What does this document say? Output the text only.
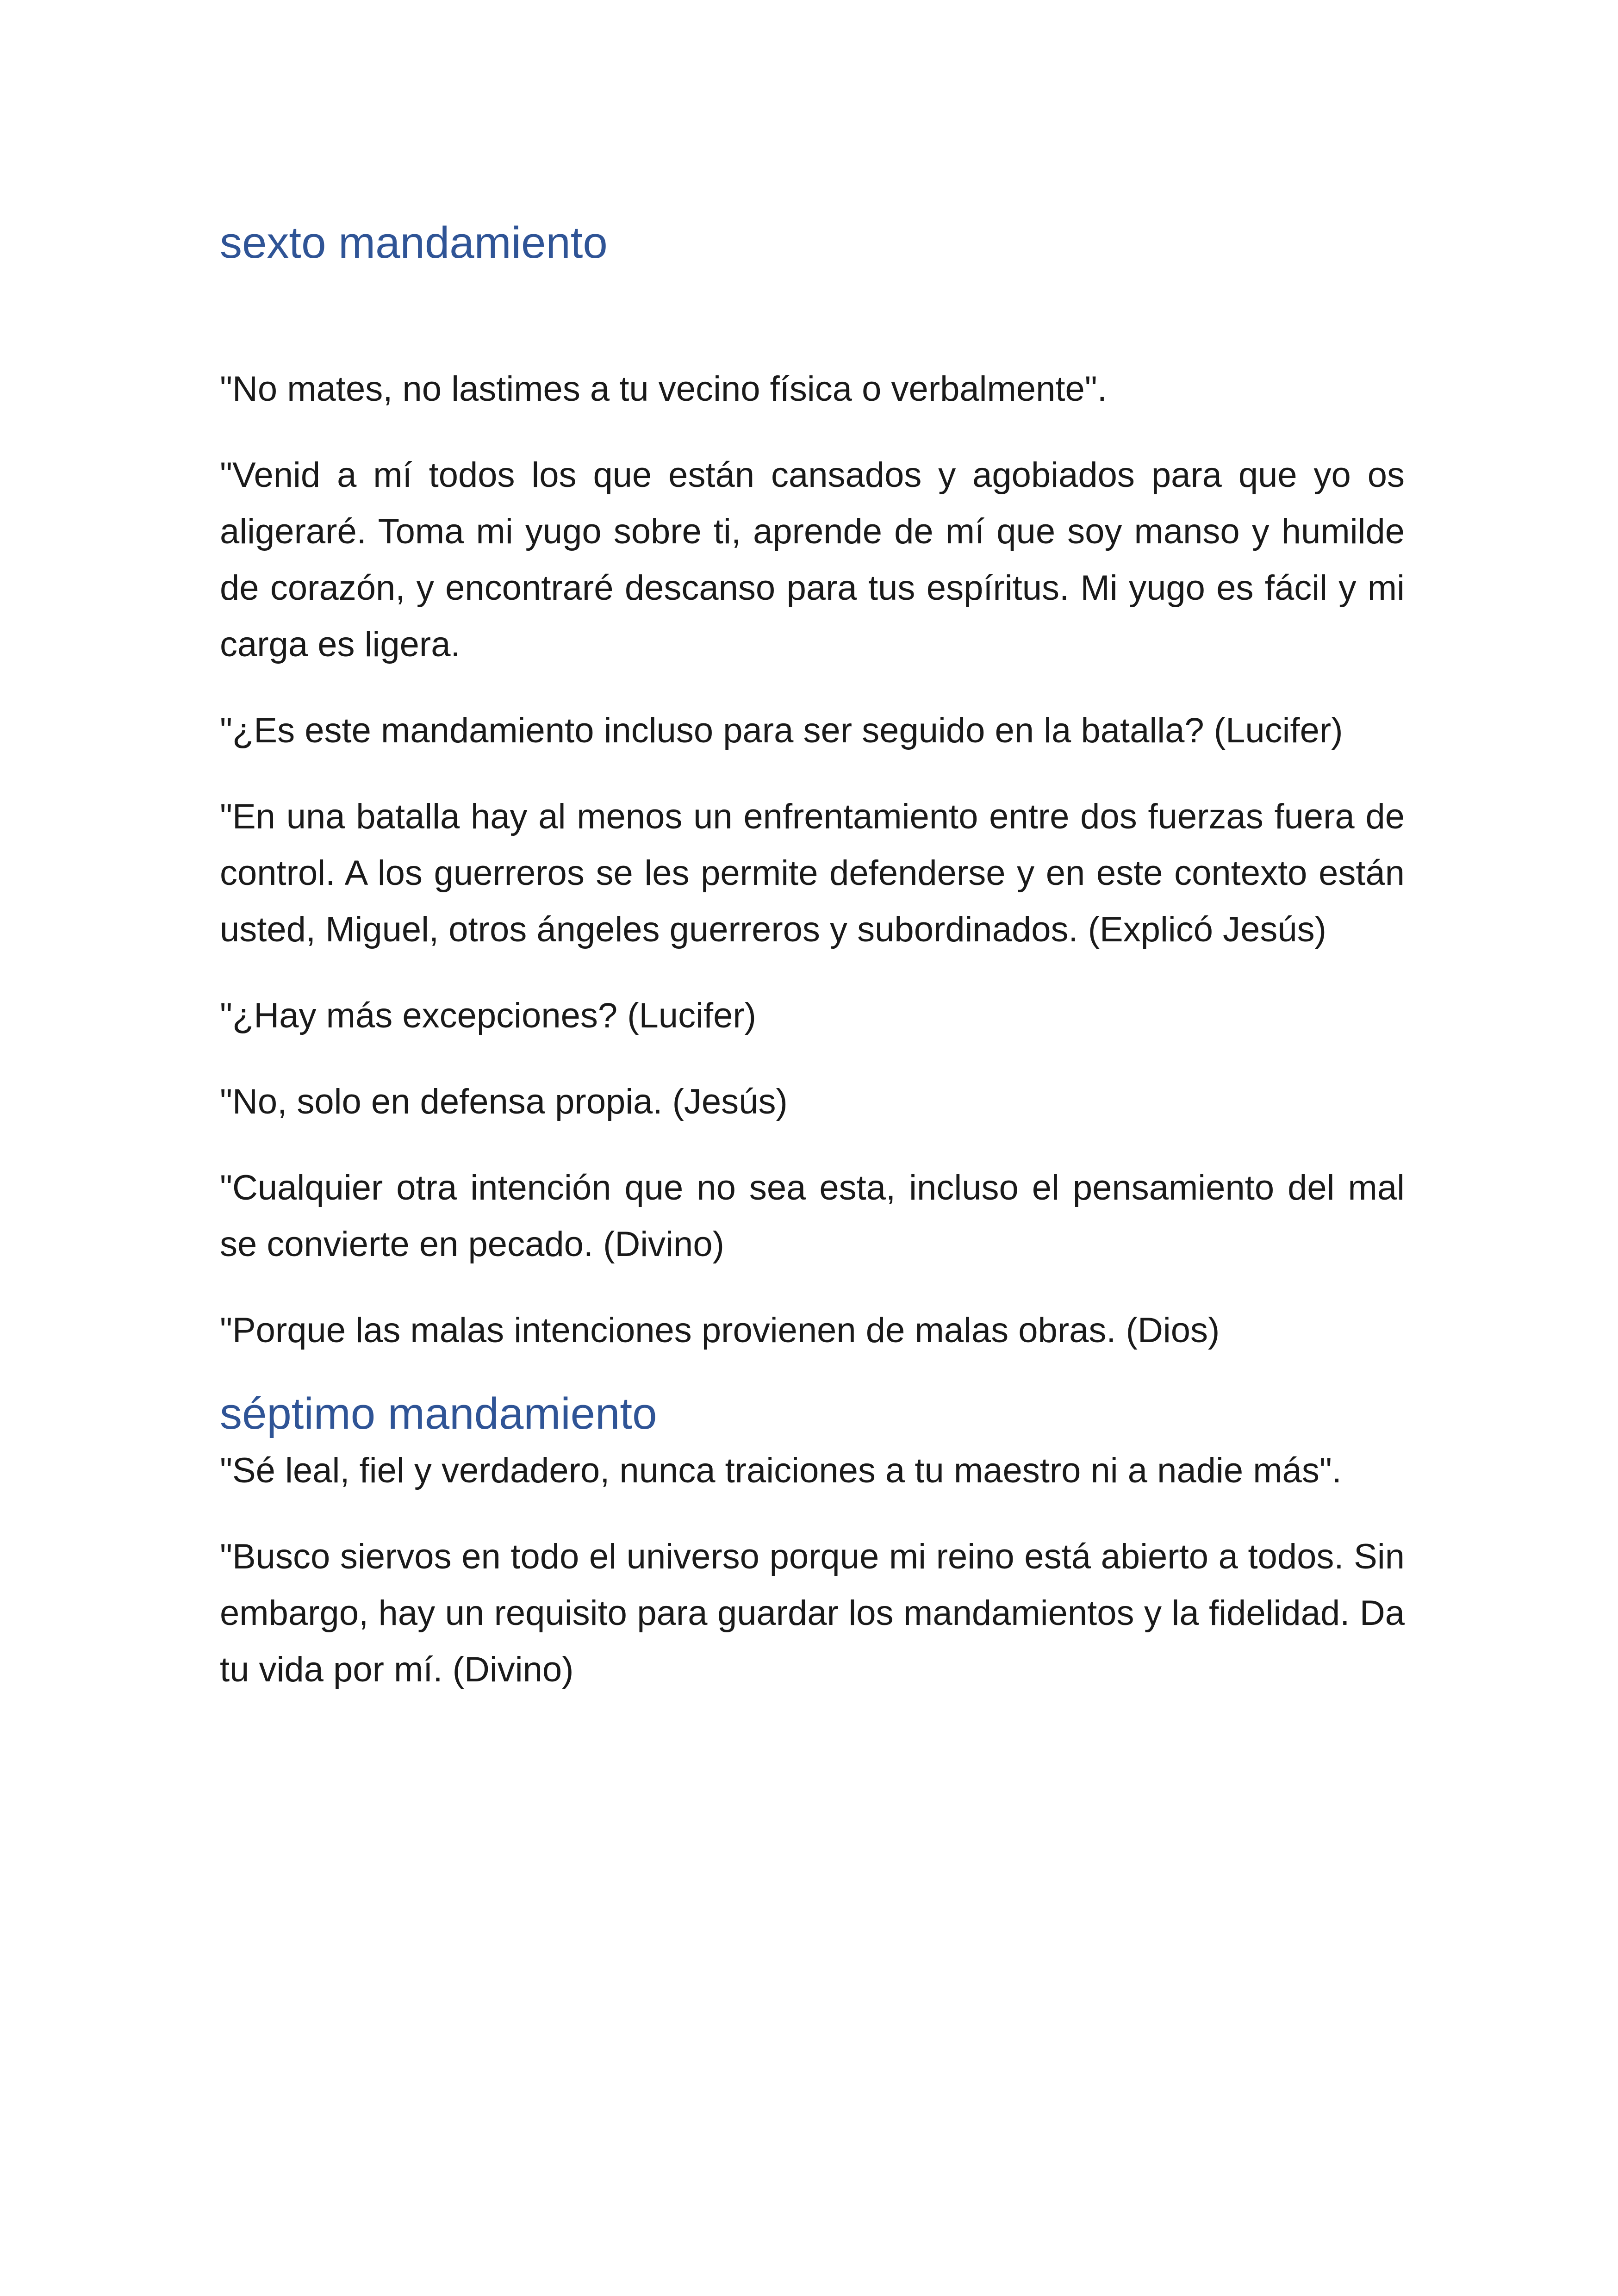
sexto mandamiento

"No mates, no lastimes a tu vecino física o verbalmente".

"Venid a mí todos los que están cansados y agobiados para que yo os aligeraré. Toma mi yugo sobre ti, aprende de mí que soy manso y humilde de corazón, y encontraré descanso para tus espíritus. Mi yugo es fácil y mi carga es ligera.

"¿Es este mandamiento incluso para ser seguido en la batalla? (Lucifer)

"En una batalla hay al menos un enfrentamiento entre dos fuerzas fuera de control. A los guerreros se les permite defenderse y en este contexto están usted, Miguel, otros ángeles guerreros y subordinados. (Explicó Jesús)

"¿Hay más excepciones? (Lucifer)

"No, solo en defensa propia. (Jesús)

"Cualquier otra intención que no sea esta, incluso el pensamiento del mal se convierte en pecado. (Divino)

"Porque las malas intenciones provienen de malas obras. (Dios)

séptimo mandamiento

"Sé leal, fiel y verdadero, nunca traiciones a tu maestro ni a nadie más".

"Busco siervos en todo el universo porque mi reino está abierto a todos. Sin embargo, hay un requisito para guardar los mandamientos y la fidelidad. Da tu vida por mí. (Divino)
